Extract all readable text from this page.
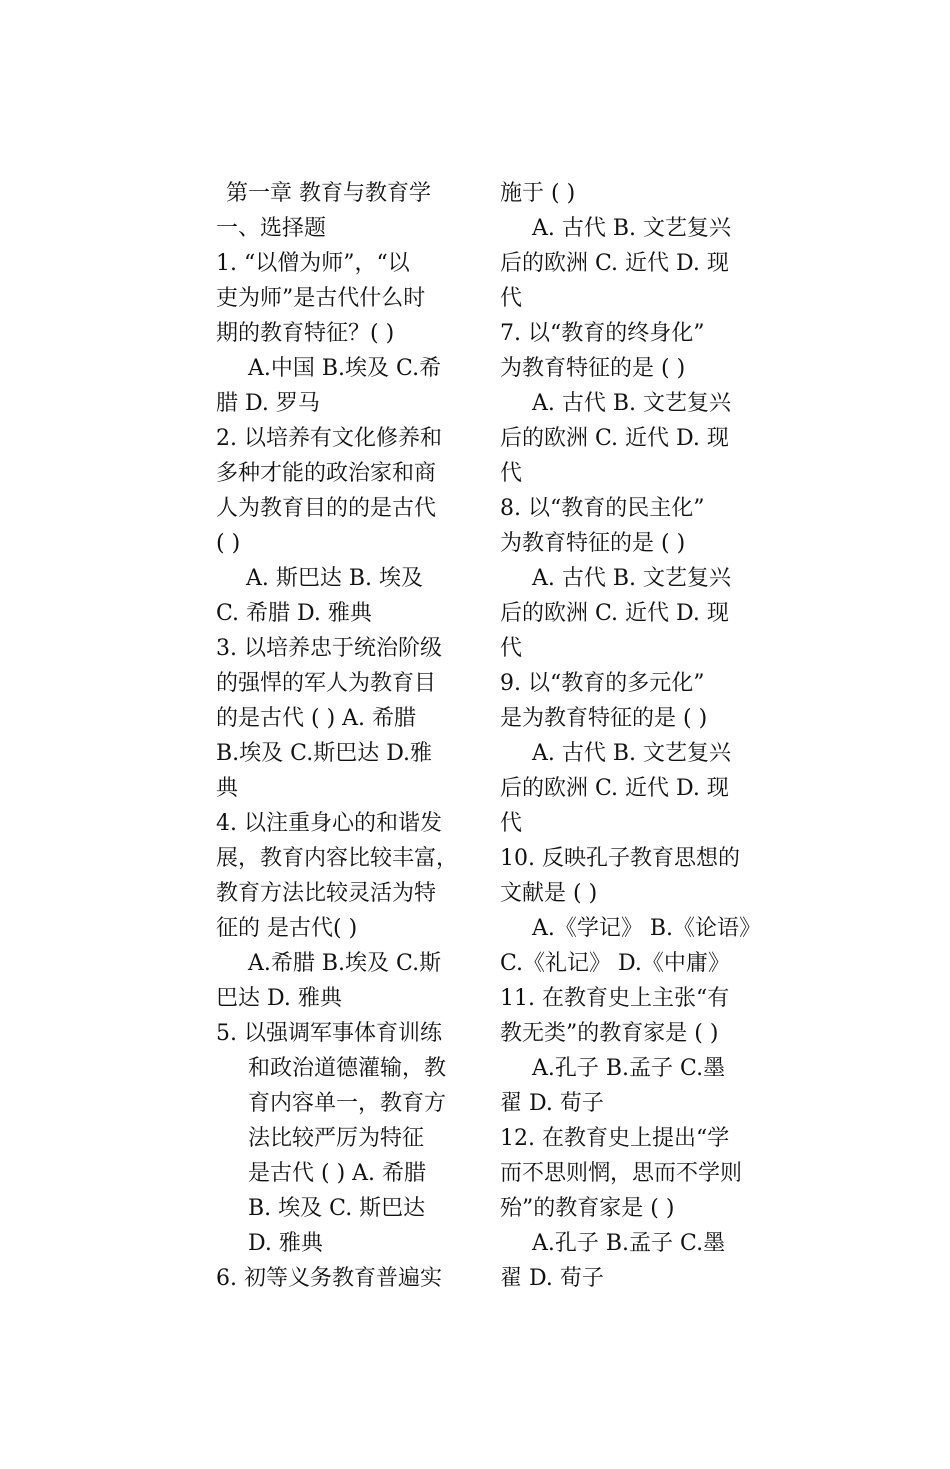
第一章 教育与教育学

一、选择题

1. “以僧为师”，“以

吏为师”是古代什么时

期的教育特征？( )

A.中国 B.埃及 C.希

腊 D. 罗马

2. 以培养有文化修养和

多种才能的政治家和商

人为教育目的的是古代

( )

A. 斯巴达 B. 埃及

C. 希腊 D. 雅典

3. 以培养忠于统治阶级

的强悍的军人为教育目

的是古代 ( ) A. 希腊

B.埃及 C.斯巴达 D.雅

典

4. 以注重身心的和谐发

展，教育内容比较丰富，

教育方法比较灵活为特

征的 是古代( )

A.希腊 B.埃及 C.斯

巴达 D. 雅典

5. 以强调军事体育训练

和政治道德灌输，教

育内容单一，教育方

法比较严厉为特征

是古代 ( ) A. 希腊

B. 埃及 C. 斯巴达

D. 雅典

6. 初等义务教育普遍实

施于 ( )

A. 古代 B. 文艺复兴

后的欧洲 C. 近代 D. 现

代

7. 以“教育的终身化”

为教育特征的是 ( )

A. 古代 B. 文艺复兴

后的欧洲 C. 近代 D. 现

代

8. 以“教育的民主化”

为教育特征的是 ( )

A. 古代 B. 文艺复兴

后的欧洲 C. 近代 D. 现

代

9. 以“教育的多元化”

是为教育特征的是 ( )

A. 古代 B. 文艺复兴

后的欧洲 C. 近代 D. 现

代

10. 反映孔子教育思想的

文献是 ( )

A.《学记》 B.《论语》

C.《礼记》 D.《中庸》

11. 在教育史上主张“有

教无类”的教育家是 ( )

A.孔子 B.孟子 C.墨

翟 D. 荀子

12. 在教育史上提出“学

而不思则惘，思而不学则

殆”的教育家是 ( )

A.孔子 B.孟子 C.墨

翟 D. 荀子
